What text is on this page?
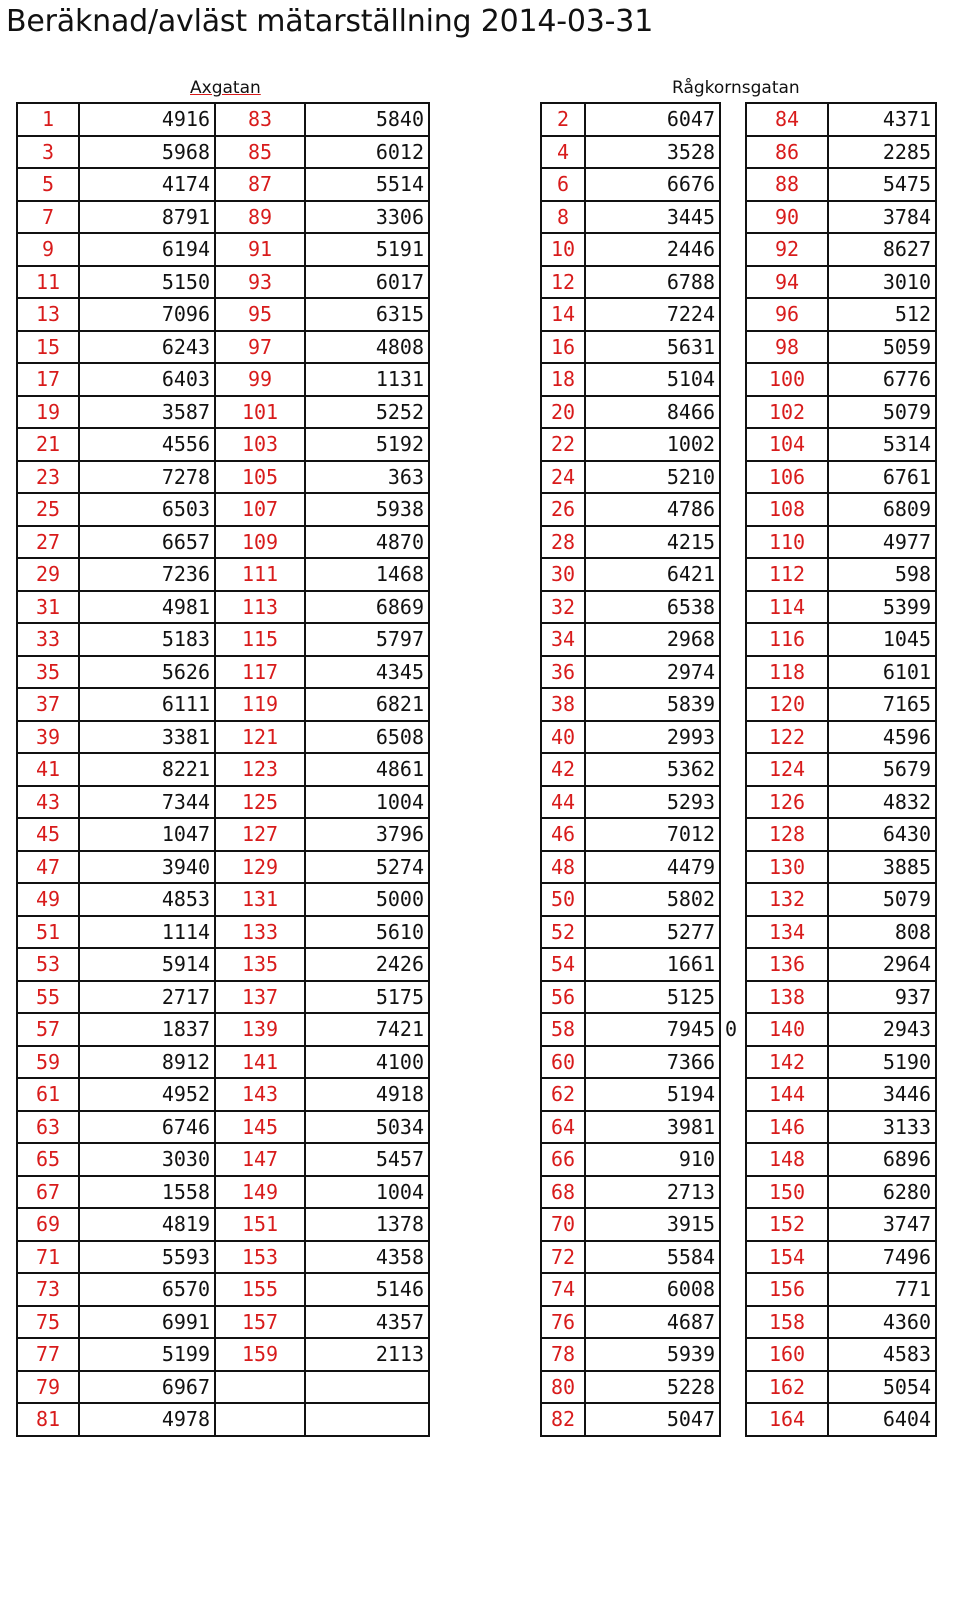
Beräknad/avläst mätarställning 2014-03-31
Axgatan	Rågkornsgatan
1	4916	83	5840
3	5968	85	6012
5	4174	87	5514
7	8791	89	3306
9	6194	91	5191
11	5150	93	6017
13	7096	95	6315
15	6243	97	4808
17	6403	99	1131
19	3587	101	5252
21	4556	103	5192
23	7278	105	363
25	6503	107	5938
27	6657	109	4870
29	7236	111	1468
31	4981	113	6869
33	5183	115	5797
35	5626	117	4345
37	6111	119	6821
39	3381	121	6508
41	8221	123	4861
43	7344	125	1004
45	1047	127	3796
47	3940	129	5274
49	4853	131	5000
51	1114	133	5610
53	5914	135	2426
55	2717	137	5175
57	1837	139	7421
59	8912	141	4100
61	4952	143	4918
63	6746	145	5034
65	3030	147	5457
67	1558	149	1004
69	4819	151	1378
71	5593	153	4358
73	6570	155	5146
75	6991	157	4357
77	5199	159	2113
79	6967		
81	4978		
2	6047		84	4371
4	3528		86	2285
6	6676		88	5475
8	3445		90	3784
10	2446		92	8627
12	6788		94	3010
14	7224		96	512
16	5631		98	5059
18	5104		100	6776
20	8466		102	5079
22	1002		104	5314
24	5210		106	6761
26	4786		108	6809
28	4215		110	4977
30	6421		112	598
32	6538		114	5399
34	2968		116	1045
36	2974		118	6101
38	5839		120	7165
40	2993		122	4596
42	5362		124	5679
44	5293		126	4832
46	7012		128	6430
48	4479		130	3885
50	5802		132	5079
52	5277		134	808
54	1661		136	2964
56	5125		138	937
58	7945	0	140	2943
60	7366		142	5190
62	5194		144	3446
64	3981		146	3133
66	910		148	6896
68	2713		150	6280
70	3915		152	3747
72	5584		154	7496
74	6008		156	771
76	4687		158	4360
78	5939		160	4583
80	5228		162	5054
82	5047		164	6404
